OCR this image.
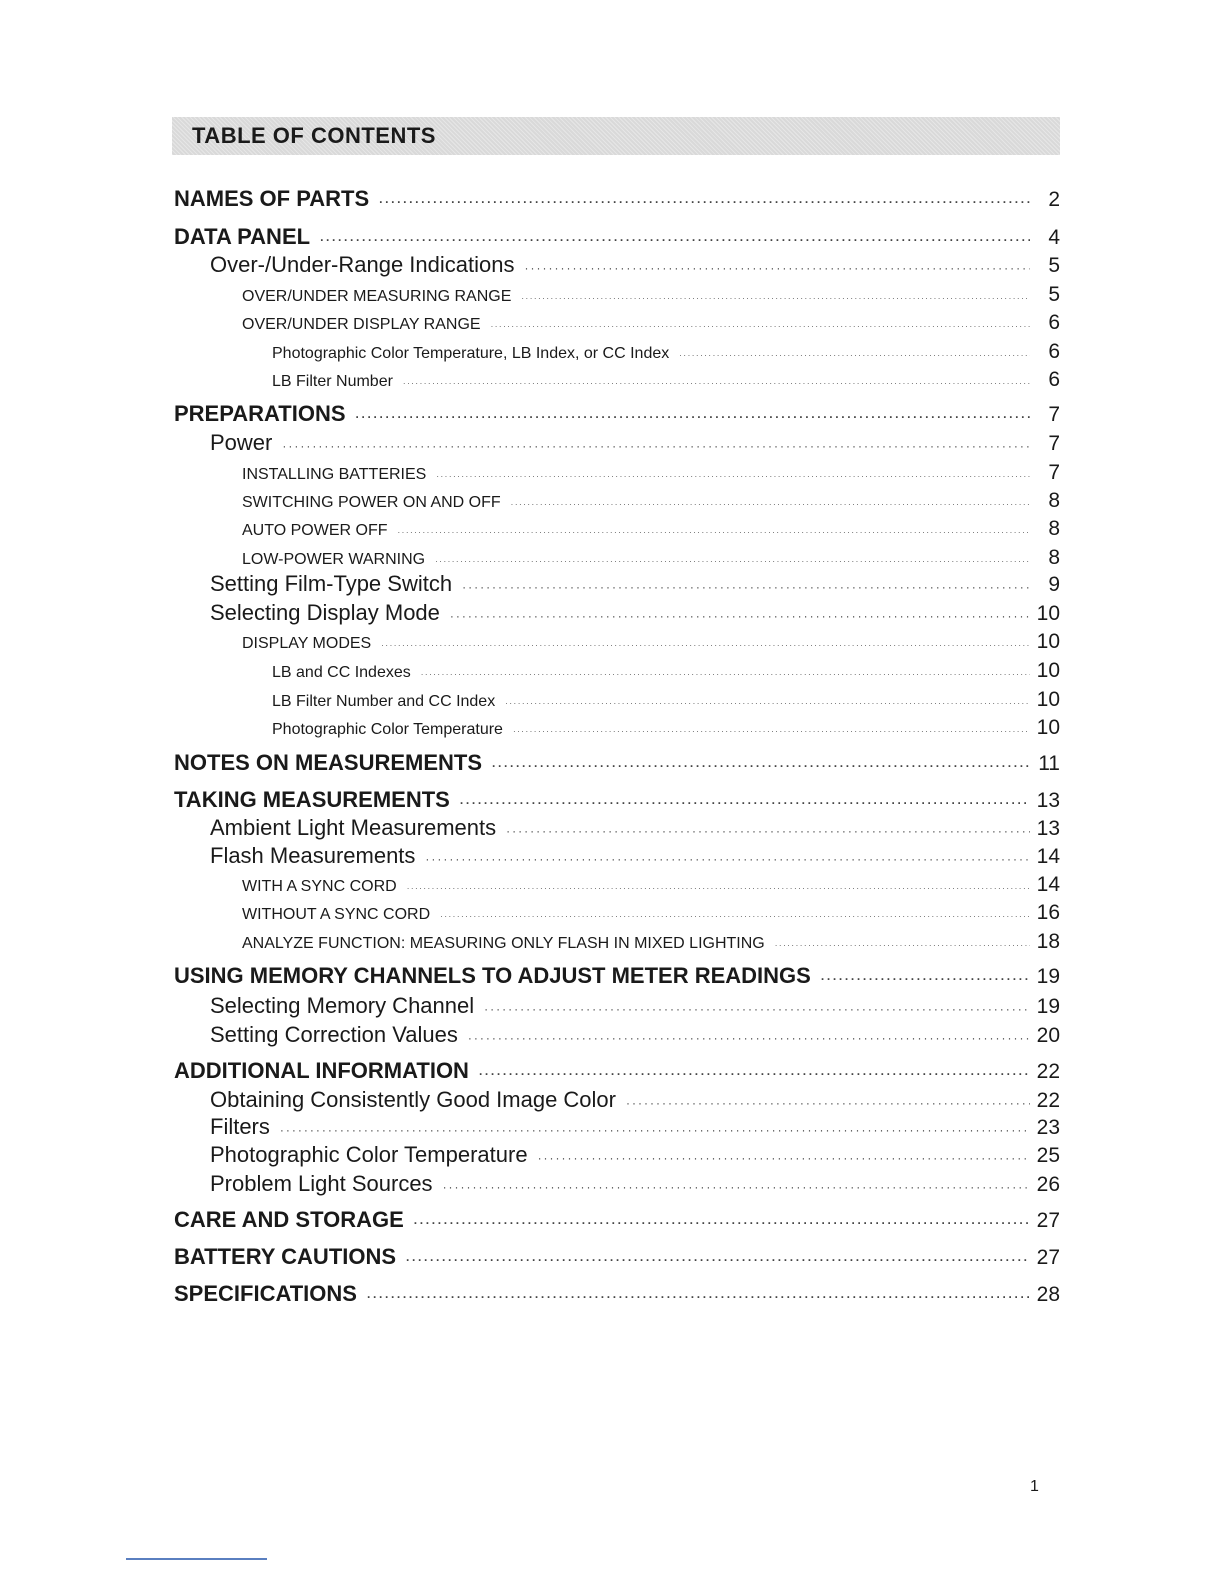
TABLE OF CONTENTS
NAMES OF PARTS ·····	2
DATA PANEL ·····	4
Over-/Under-Range Indications ·····	5
OVER/UNDER MEASURING RANGE ·····	5
OVER/UNDER DISPLAY RANGE ·····	6
Photographic Color Temperature, LB Index, or CC Index ·····	6
LB Filter Number ·····	6
PREPARATIONS ·····	7
Power ·····	7
INSTALLING BATTERIES ·····	7
SWITCHING POWER ON AND OFF ·····	8
AUTO POWER OFF ·····	8
LOW-POWER WARNING ·····	8
Setting Film-Type Switch ·····	9
Selecting Display Mode ·····	10
DISPLAY MODES ·····	10
LB and CC Indexes ·····	10
LB Filter Number and CC Index ·····	10
Photographic Color Temperature ·····	10
NOTES ON MEASUREMENTS ·····	11
TAKING MEASUREMENTS ·····	13
Ambient Light Measurements ·····	13
Flash Measurements ·····	14
WITH A SYNC CORD ·····	14
WITHOUT A SYNC CORD ·····	16
ANALYZE FUNCTION: MEASURING ONLY FLASH IN MIXED LIGHTING ·····	18
USING MEMORY CHANNELS TO ADJUST METER READINGS ·····	19
Selecting Memory Channel ·····	19
Setting Correction Values ·····	20
ADDITIONAL INFORMATION ·····	22
Obtaining Consistently Good Image Color ·····	22
Filters ·····	23
Photographic Color Temperature ·····	25
Problem Light Sources ·····	26
CARE AND STORAGE ·····	27
BATTERY CAUTIONS ·····	27
SPECIFICATIONS ·····	28
1
